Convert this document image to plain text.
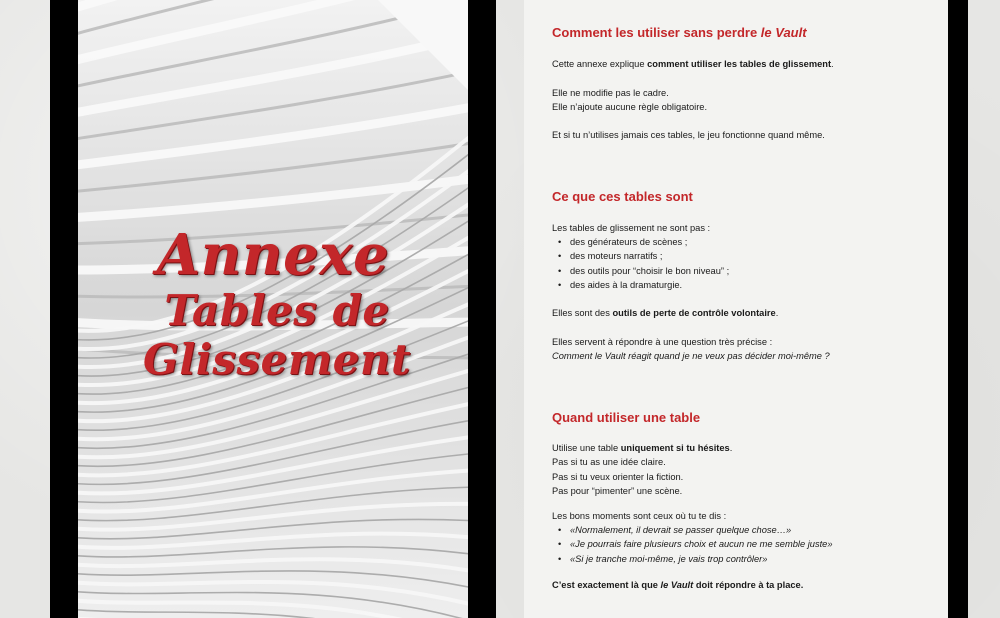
Annexe
Tables de Glissement
Comment les utiliser sans perdre le Vault

Cette annexe explique comment utiliser les tables de glissement.

Elle ne modifie pas le cadre.
Elle n’ajoute aucune règle obligatoire.

Et si tu n’utilises jamais ces tables, le jeu fonctionne quand même.

Ce que ces tables sont

Les tables de glissement ne sont pas :

• des générateurs de scènes ;
• des moteurs narratifs ;
• des outils pour “choisir le bon niveau” ;
• des aides à la dramaturgie.

Elles sont des outils de perte de contrôle volontaire.

Elles servent à répondre à une question très précise :
Comment le Vault réagit quand je ne veux pas décider moi-même ?

Quand utiliser une table

Utilise une table uniquement si tu hésites.
Pas si tu as une idée claire.
Pas si tu veux orienter la fiction.
Pas pour “pimenter” une scène.

Les bons moments sont ceux où tu te dis :

• «Normalement, il devrait se passer quelque chose…»
• «Je pourrais faire plusieurs choix et aucun ne me semble juste»
• «Si je tranche moi-même, je vais trop contrôler»

C’est exactement là que le Vault doit répondre à ta place.
